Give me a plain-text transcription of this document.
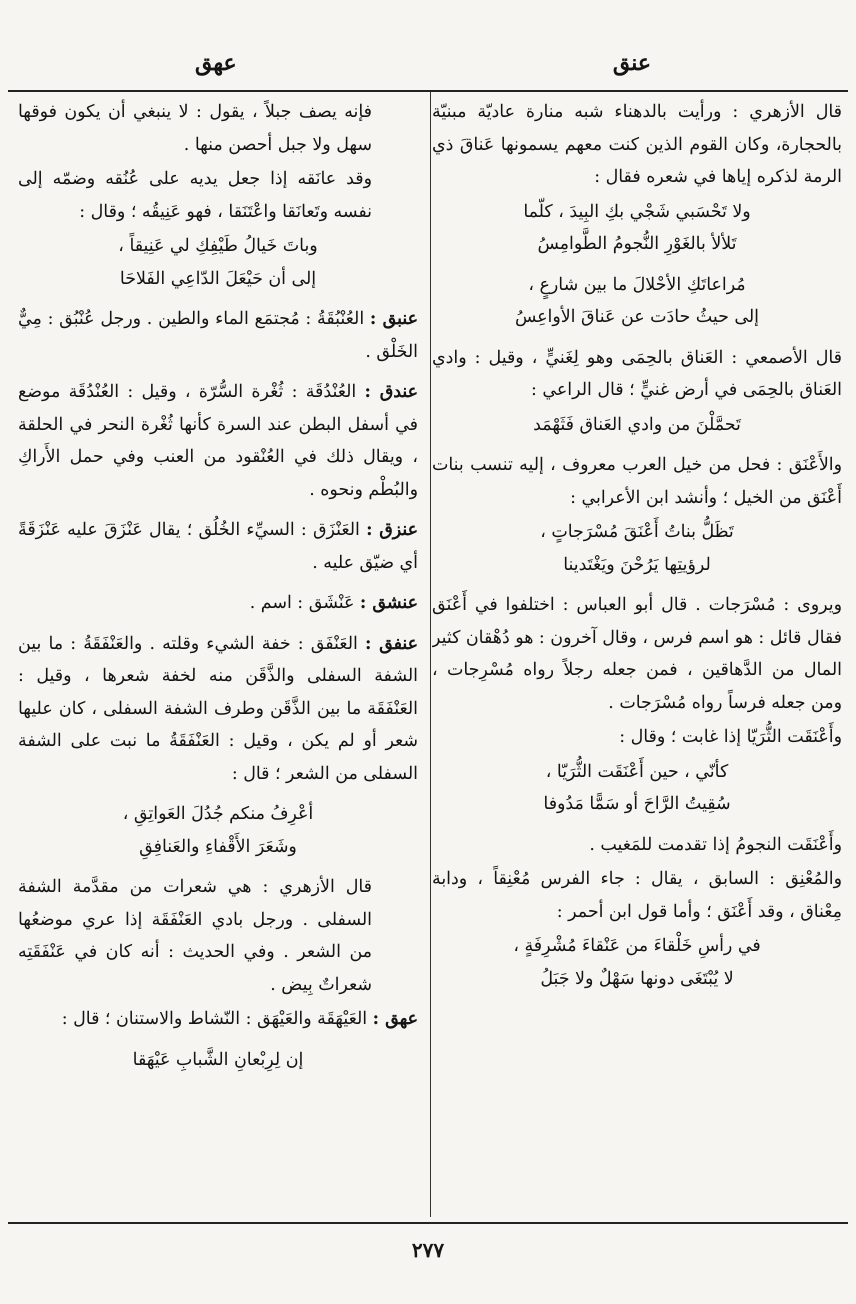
عنق
عهق

قال الأزهري : ورأيت بالدهناء شبه منارة عاديّة مبنيّة بالحجارة، وكان القوم الذين كنت معهم يسمونها عَناقَ ذي الرمة لذكره إياها في شعره فقال :

ولا تَحْسَبي شَجْي بكِ البِيدَ ، كلّما
تَلألأ بالغَوْرِ النُّجومُ الطَّوامِسُ
مُراعاتَكِ الأحْلالَ ما بين شارعٍ ،
إلى حيثُ حادَت عن عَناقَ الأواعِسُ

قال الأصمعي : العَناق بالحِمَى وهو لِغَنيٍّ ، وقيل : وادي العَناق بالحِمَى في أرض غنيٍّ ؛ قال الراعي :

تَحمَّلْنَ من وادي العَناق فَثَهْمَد

والأَعْنَق : فحل من خيل العرب معروف ، إليه تنسب بنات أَعْنَق من الخيل ؛ وأنشد ابن الأعرابي :

تَظَلُّ بناتُ أَعْنَقَ مُسْرَجاتٍ ،
لرؤيتِها يَرُحْنَ ويَغْتَدينا

ويروى : مُسْرَجات . قال أبو العباس : اختلفوا في أَعْنَق فقال قائل : هو اسم فرس ، وقال آخرون : هو دُهْقان كثير المال من الدَّهاقين ، فمن جعله رجلاً رواه مُسْرِجات ، ومن جعله فرساً رواه مُسْرَجات .

وأَعْنَقَت الثُّرَيّا إذا غابت ؛ وقال :

كأنّي ، حين أَعْنَقَت الثُّرَيّا ،
سُقِيتُ الرَّاحَ أو سَمًّا مَدُوفا

وأَعْنَقَت النجومُ إذا تقدمت للمَغيب .

والمُعْنِق : السابق ، يقال : جاء الفرس مُعْنِقاً ، ودابة مِعْناق ، وقد أَعْنَق ؛ وأما قول ابن أحمر :

في رأسِ خَلْقاءَ من عَنْقاءَ مُشْرِفَةٍ ،
لا يُبْتَغَى دونها سَهْلٌ ولا جَبَلُ

فإنه يصف جبلاً ، يقول : لا ينبغي أن يكون فوقها سهل ولا جبل أحصن منها .

وقد عانَقه إذا جعل يديه على عُنُقه وضمّه إلى نفسه وتَعانَقا واعْتَنَقا ، فهو عَنِيقُه ؛ وقال :

وباتَ خَيالُ طَيْفِكِ لي عَنِيقاً ،
إلى أن حَيْعَلَ الدّاعِي الفَلاحَا

عنبق : العُنْبُقَةُ : مُجتمَع الماء والطين . ورجل عُنْبُق : مِيٌّ الخَلْق .

عندق : العُنْدُقَة : ثُغْرة السُّرّة ، وقيل : العُنْدُقَة موضع في أسفل البطن عند السرة كأنها ثُغْرة النحر في الحلقة ، ويقال ذلك في العُنْقود من العنب وفي حمل الأَراكِ والبُطْم ونحوه .

عنزق : العَنْزَق : السيِّء الخُلُق ؛ يقال عَنْزَقَ عليه عَنْزَقَةً أي ضيّق عليه .

عنشق : عَنْشَق : اسم .

عنفق : العَنْفَق : خفة الشيء وقلته . والعَنْفَقَةُ : ما بين الشفة السفلى والذَّقَن منه لخفة شعرها ، وقيل : العَنْفَقَة ما بين الذَّقَن وطرف الشفة السفلى ، كان عليها شعر أو لم يكن ، وقيل : العَنْفَقَةُ ما نبت على الشفة السفلى من الشعر ؛ قال :

أعْرِفُ منكم جُدُلَ العَواتِقِ ،
وشَعَرَ الأَقْفاءِ والعَنافِقِ

قال الأزهري : هي شعرات من مقدَّمة الشفة السفلى . ورجل بادي العَنْفَقَة إذا عري موضعُها من الشعر . وفي الحديث : أنه كان في عَنْفَقَتِه شعراتٌ بِيض .

عهق : العَيْهَقَة والعَيْهَق : النّشاط والاستنان ؛ قال :

إن لِرِبْعانِ الشَّبابِ عَيْهَقا
٢٧٧
